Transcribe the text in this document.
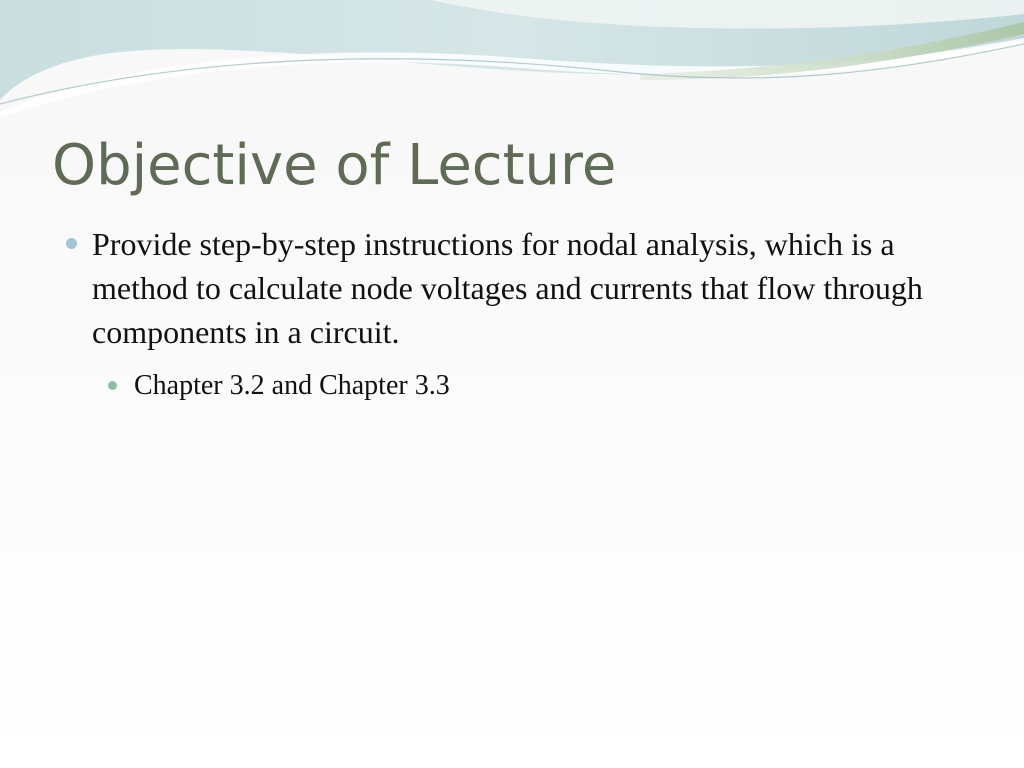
Objective of Lecture
Provide step-by-step instructions for nodal analysis, which is a method to calculate node voltages and currents that flow through components in a circuit.
Chapter 3.2 and Chapter 3.3
